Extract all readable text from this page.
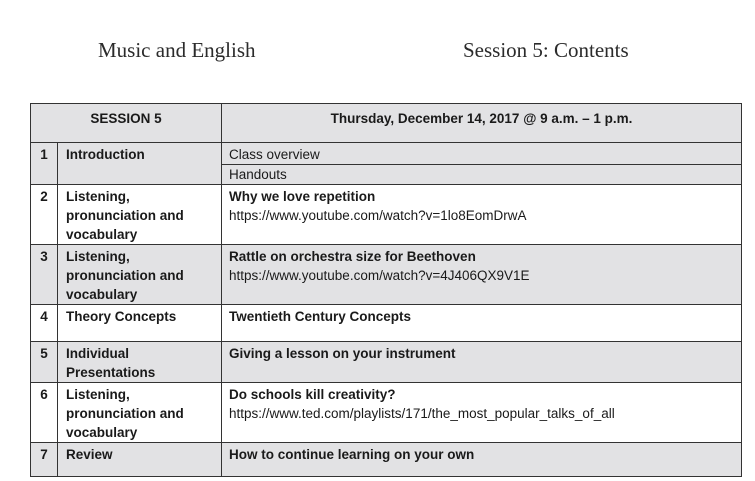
Music and English	Session 5: Contents
SESSION 5		Thursday, December 14, 2017 @ 9 a.m. – 1 p.m.

1	Introduction	Class overview
Handouts

2	Listening, pronunciation and vocabulary	Why we love repetition
https://www.youtube.com/watch?v=1lo8EomDrwA
3	Listening, pronunciation and vocabulary	Rattle on orchestra size for Beethoven
https://www.youtube.com/watch?v=4J406QX9V1E
4	Theory Concepts	Twentieth Century Concepts
5	Individual Presentations	Giving a lesson on your instrument
6	Listening, pronunciation and vocabulary	Do schools kill creativity?
https://www.ted.com/playlists/171/the_most_popular_talks_of_all
7	Review	How to continue learning on your own
